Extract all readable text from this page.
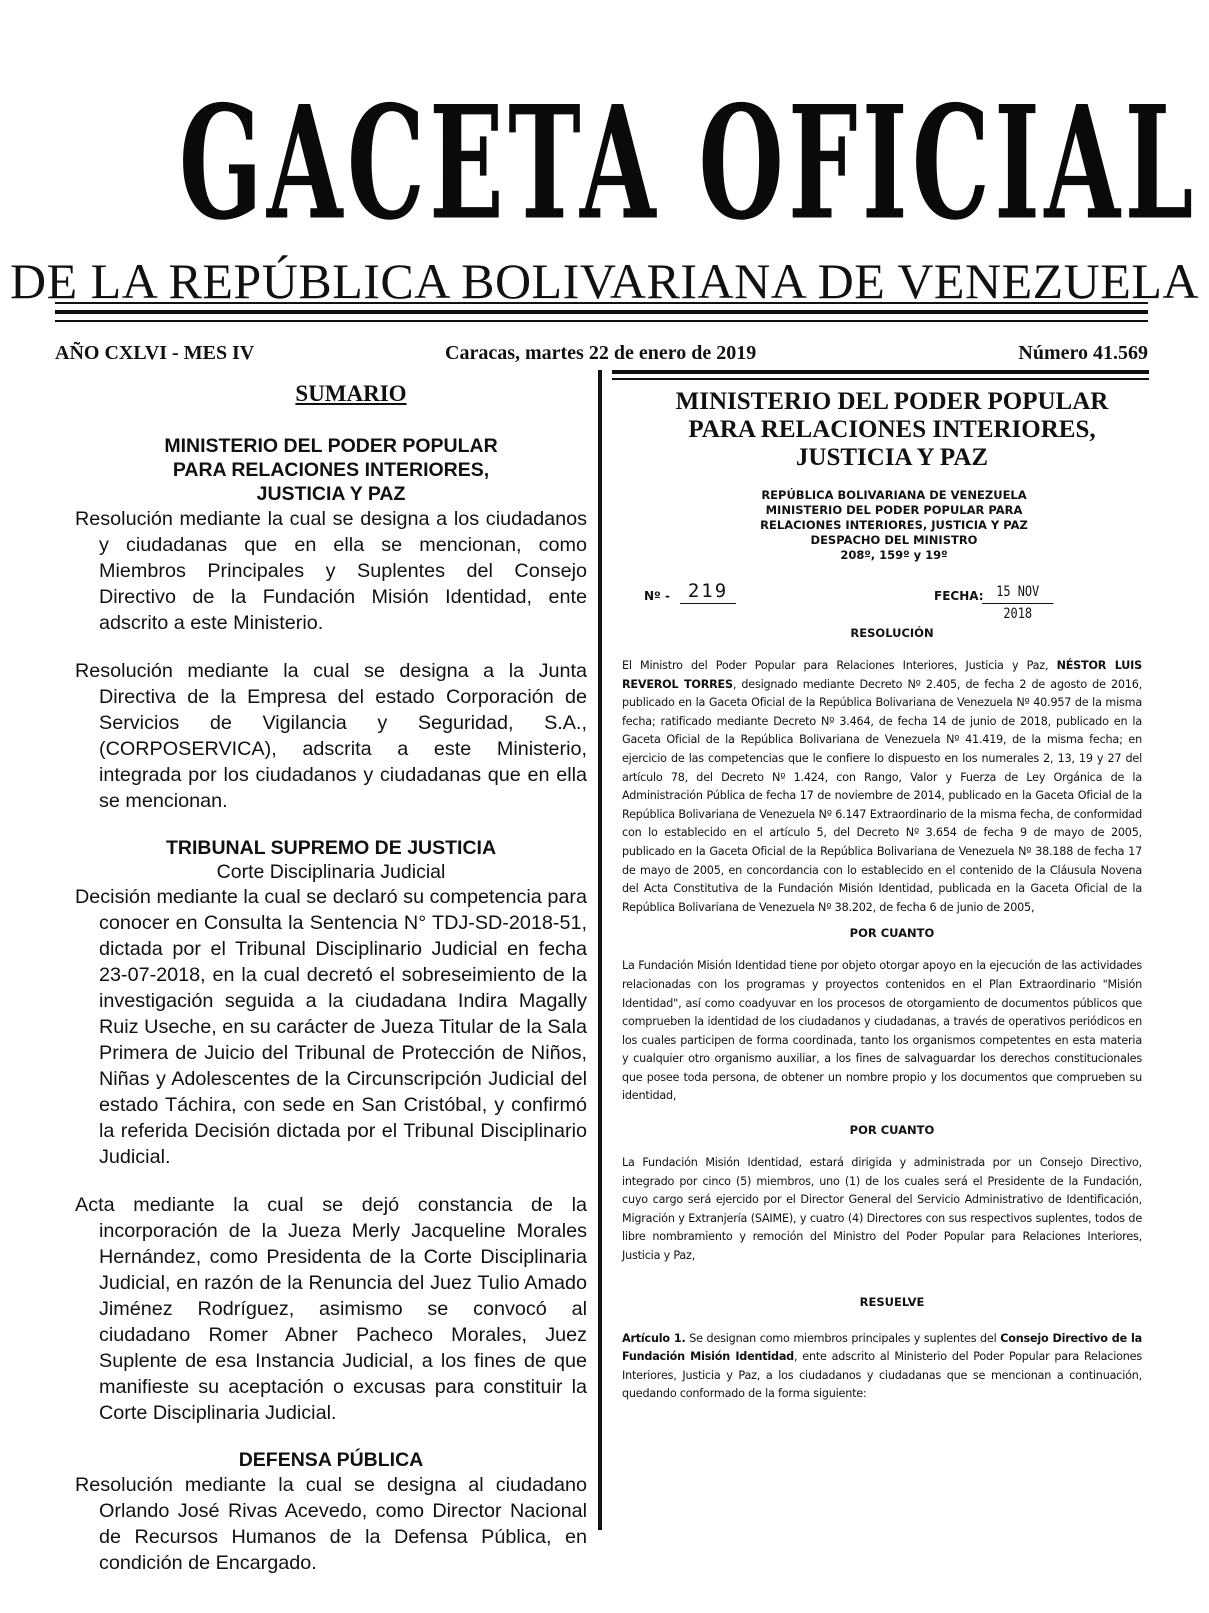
GACETA OFICIAL
DE LA REPÚBLICA BOLIVARIANA DE VENEZUELA
AÑO CXLVI - MES IV	Caracas, martes 22 de enero de 2019	Número 41.569
SUMARIO
MINISTERIO DEL PODER POPULAR
PARA RELACIONES INTERIORES,
JUSTICIA Y PAZ
Resolución mediante la cual se designa a los ciudadanos y ciudadanas que en ella se mencionan, como Miembros Principales y Suplentes del Consejo Directivo de la Fundación Misión Identidad, ente adscrito a este Ministerio.
Resolución mediante la cual se designa a la Junta Directiva de la Empresa del estado Corporación de Servicios de Vigilancia y Seguridad, S.A., (CORPOSERVICA), adscrita a este Ministerio, integrada por los ciudadanos y ciudadanas que en ella se mencionan.
TRIBUNAL SUPREMO DE JUSTICIA
Corte Disciplinaria Judicial
Decisión mediante la cual se declaró su competencia para conocer en Consulta la Sentencia N° TDJ-SD-2018-51, dictada por el Tribunal Disciplinario Judicial en fecha 23-07-2018, en la cual decretó el sobreseimiento de la investigación seguida a la ciudadana Indira Magally Ruiz Useche, en su carácter de Jueza Titular de la Sala Primera de Juicio del Tribunal de Protección de Niños, Niñas y Adolescentes de la Circunscripción Judicial del estado Táchira, con sede en San Cristóbal, y confirmó la referida Decisión dictada por el Tribunal Disciplinario Judicial.
Acta mediante la cual se dejó constancia de la incorporación de la Jueza Merly Jacqueline Morales Hernández, como Presidenta de la Corte Disciplinaria Judicial, en razón de la Renuncia del Juez Tulio Amado Jiménez Rodríguez, asimismo se convocó al ciudadano Romer Abner Pacheco Morales, Juez Suplente de esa Instancia Judicial, a los fines de que manifieste su aceptación o excusas para constituir la Corte Disciplinaria Judicial.
DEFENSA PÚBLICA
Resolución mediante la cual se designa al ciudadano Orlando José Rivas Acevedo, como Director Nacional de Recursos Humanos de la Defensa Pública, en condición de Encargado.
MINISTERIO DEL PODER POPULAR
PARA RELACIONES INTERIORES,
JUSTICIA Y PAZ
REPÚBLICA BOLIVARIANA DE VENEZUELA
MINISTERIO DEL PODER POPULAR PARA
RELACIONES INTERIORES, JUSTICIA Y PAZ
DESPACHO DEL MINISTRO
208º, 159º y 19º
Nº - 219	FECHA: 15 NOV 2018
RESOLUCIÓN
El Ministro del Poder Popular para Relaciones Interiores, Justicia y Paz, NÉSTOR LUIS REVEROL TORRES, designado mediante Decreto Nº 2.405, de fecha 2 de agosto de 2016, publicado en la Gaceta Oficial de la República Bolivariana de Venezuela Nº 40.957 de la misma fecha; ratificado mediante Decreto Nº 3.464, de fecha 14 de junio de 2018, publicado en la Gaceta Oficial de la República Bolivariana de Venezuela Nº 41.419, de la misma fecha; en ejercicio de las competencias que le confiere lo dispuesto en los numerales 2, 13, 19 y 27 del artículo 78, del Decreto Nº 1.424, con Rango, Valor y Fuerza de Ley Orgánica de la Administración Pública de fecha 17 de noviembre de 2014, publicado en la Gaceta Oficial de la República Bolivariana de Venezuela Nº 6.147 Extraordinario de la misma fecha, de conformidad con lo establecido en el artículo 5, del Decreto Nº 3.654 de fecha 9 de mayo de 2005, publicado en la Gaceta Oficial de la República Bolivariana de Venezuela Nº 38.188 de fecha 17 de mayo de 2005, en concordancia con lo establecido en el contenido de la Cláusula Novena del Acta Constitutiva de la Fundación Misión Identidad, publicada en la Gaceta Oficial de la República Bolivariana de Venezuela Nº 38.202, de fecha 6 de junio de 2005,
POR CUANTO
La Fundación Misión Identidad tiene por objeto otorgar apoyo en la ejecución de las actividades relacionadas con los programas y proyectos contenidos en el Plan Extraordinario "Misión Identidad", así como coadyuvar en los procesos de otorgamiento de documentos públicos que comprueben la identidad de los ciudadanos y ciudadanas, a través de operativos periódicos en los cuales participen de forma coordinada, tanto los organismos competentes en esta materia y cualquier otro organismo auxiliar, a los fines de salvaguardar los derechos constitucionales que posee toda persona, de obtener un nombre propio y los documentos que comprueben su identidad,
POR CUANTO
La Fundación Misión Identidad, estará dirigida y administrada por un Consejo Directivo, integrado por cinco (5) miembros, uno (1) de los cuales será el Presidente de la Fundación, cuyo cargo será ejercido por el Director General del Servicio Administrativo de Identificación, Migración y Extranjería (SAIME), y cuatro (4) Directores con sus respectivos suplentes, todos de libre nombramiento y remoción del Ministro del Poder Popular para Relaciones Interiores, Justicia y Paz,
RESUELVE
Artículo 1. Se designan como miembros principales y suplentes del Consejo Directivo de la Fundación Misión Identidad, ente adscrito al Ministerio del Poder Popular para Relaciones Interiores, Justicia y Paz, a los ciudadanos y ciudadanas que se mencionan a continuación, quedando conformado de la forma siguiente:
